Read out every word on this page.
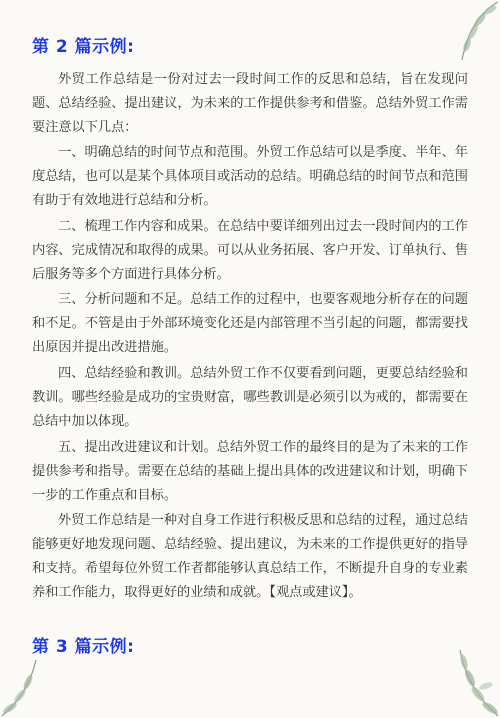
第 2 篇示例:

外贸工作总结是一份对过去一段时间工作的反思和总结，旨在发现问题、总结经验、提出建议，为未来的工作提供参考和借鉴。总结外贸工作需要注意以下几点：

一、明确总结的时间节点和范围。外贸工作总结可以是季度、半年、年度总结，也可以是某个具体项目或活动的总结。明确总结的时间节点和范围有助于有效地进行总结和分析。

二、梳理工作内容和成果。在总结中要详细列出过去一段时间内的工作内容、完成情况和取得的成果。可以从业务拓展、客户开发、订单执行、售后服务等多个方面进行具体分析。

三、分析问题和不足。总结工作的过程中，也要客观地分析存在的问题和不足。不管是由于外部环境变化还是内部管理不当引起的问题，都需要找出原因并提出改进措施。

四、总结经验和教训。总结外贸工作不仅要看到问题，更要总结经验和教训。哪些经验是成功的宝贵财富，哪些教训是必须引以为戒的，都需要在总结中加以体现。

五、提出改进建议和计划。总结外贸工作的最终目的是为了未来的工作提供参考和指导。需要在总结的基础上提出具体的改进建议和计划，明确下一步的工作重点和目标。

外贸工作总结是一种对自身工作进行积极反思和总结的过程，通过总结能够更好地发现问题、总结经验、提出建议，为未来的工作提供更好的指导和支持。希望每位外贸工作者都能够认真总结工作，不断提升自身的专业素养和工作能力，取得更好的业绩和成就。【观点或建议】。

第 3 篇示例:
